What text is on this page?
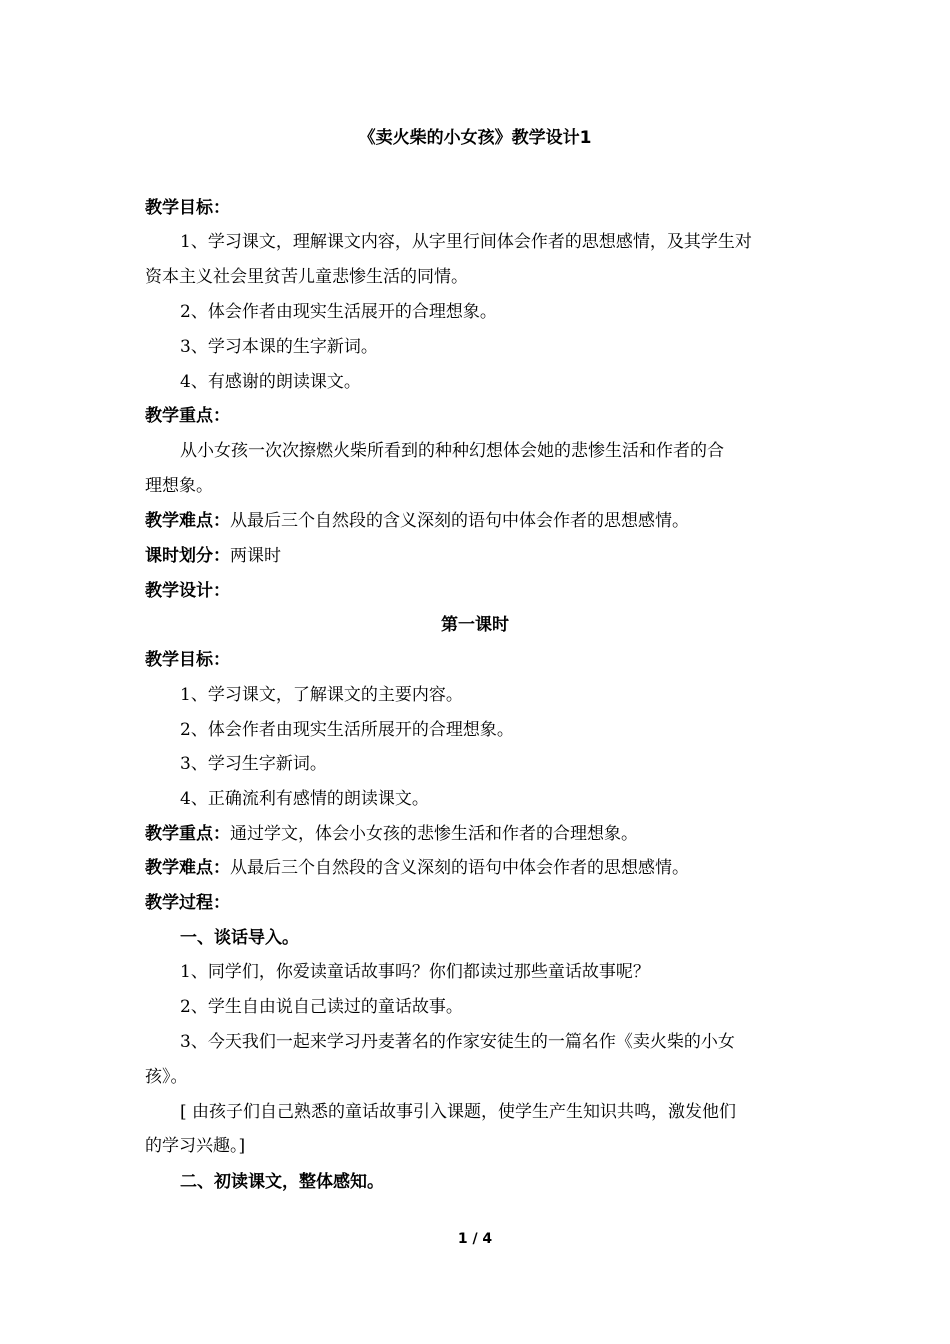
《卖火柴的小女孩》教学设计1
教学目标：
1、学习课文，理解课文内容，从字里行间体会作者的思想感情，及其学生对
资本主义社会里贫苦儿童悲惨生活的同情。
2、体会作者由现实生活展开的合理想象。
3、学习本课的生字新词。
4、有感谢的朗读课文。
教学重点：
从小女孩一次次擦燃火柴所看到的种种幻想体会她的悲惨生活和作者的合
理想象。
教学难点：从最后三个自然段的含义深刻的语句中体会作者的思想感情。
课时划分：两课时
教学设计：
第一课时
教学目标：
1、学习课文，了解课文的主要内容。
2、体会作者由现实生活所展开的合理想象。
3、学习生字新词。
4、正确流利有感情的朗读课文。
教学重点：通过学文，体会小女孩的悲惨生活和作者的合理想象。
教学难点：从最后三个自然段的含义深刻的语句中体会作者的思想感情。
教学过程：
一、谈话导入。
1、同学们，你爱读童话故事吗？你们都读过那些童话故事呢？
2、学生自由说自己读过的童话故事。
3、今天我们一起来学习丹麦著名的作家安徒生的一篇名作《卖火柴的小女
孩》。
[ 由孩子们自己熟悉的童话故事引入课题，使学生产生知识共鸣，激发他们
的学习兴趣。]
二、初读课文，整体感知。
1 / 4
